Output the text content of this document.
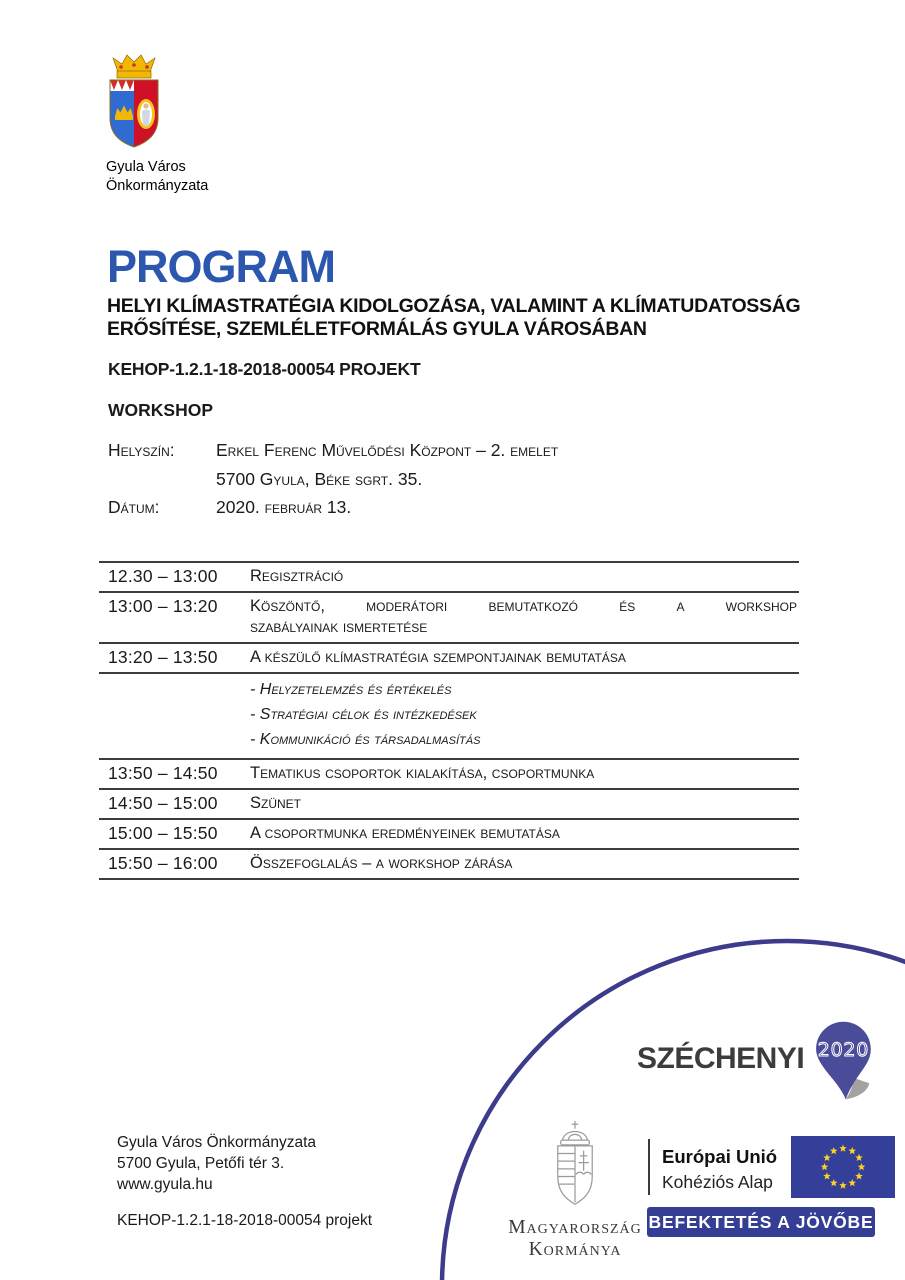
Gyula Város
Önkormányzata
PROGRAM
HELYI KLÍMASTRATÉGIA KIDOLGOZÁSA, VALAMINT A KLÍMATUDATOSSÁG
ERŐSÍTÉSE, SZEMLÉLETFORMÁLÁS GYULA VÁROSÁBAN
KEHOP-1.2.1-18-2018-00054 PROJEKT
WORKSHOP
Helyszín:	Erkel Ferenc Művelődési Központ – 2. emelet
5700 Gyula, Béke sgrt. 35.
Dátum:	2020. február 13.
12.30 – 13:00	Regisztráció
13:00 – 13:20	Köszöntő, moderátori bemutatkozó és a workshop
szabályainak ismertetése
13:20 – 13:50	A készülő klímastratégia szempontjainak bemutatása
- Helyzetelemzés és értékelés
- Stratégiai célok és intézkedések
- Kommunikáció és társadalmasítás
13:50 – 14:50	Tematikus csoportok kialakítása, csoportmunka
14:50 – 15:00	Szünet
15:00 – 15:50	A csoportmunka eredményeinek bemutatása
15:50 – 16:00	Összefoglalás – a workshop zárása
Gyula Város Önkormányzata
5700 Gyula, Petőfi tér 3.
www.gyula.hu
KEHOP-1.2.1-18-2018-00054 projekt
SZÉCHENYI 2020
Magyarország
Kormánya
Európai Unió
Kohéziós Alap
BEFEKTETÉS A JÖVŐBE
